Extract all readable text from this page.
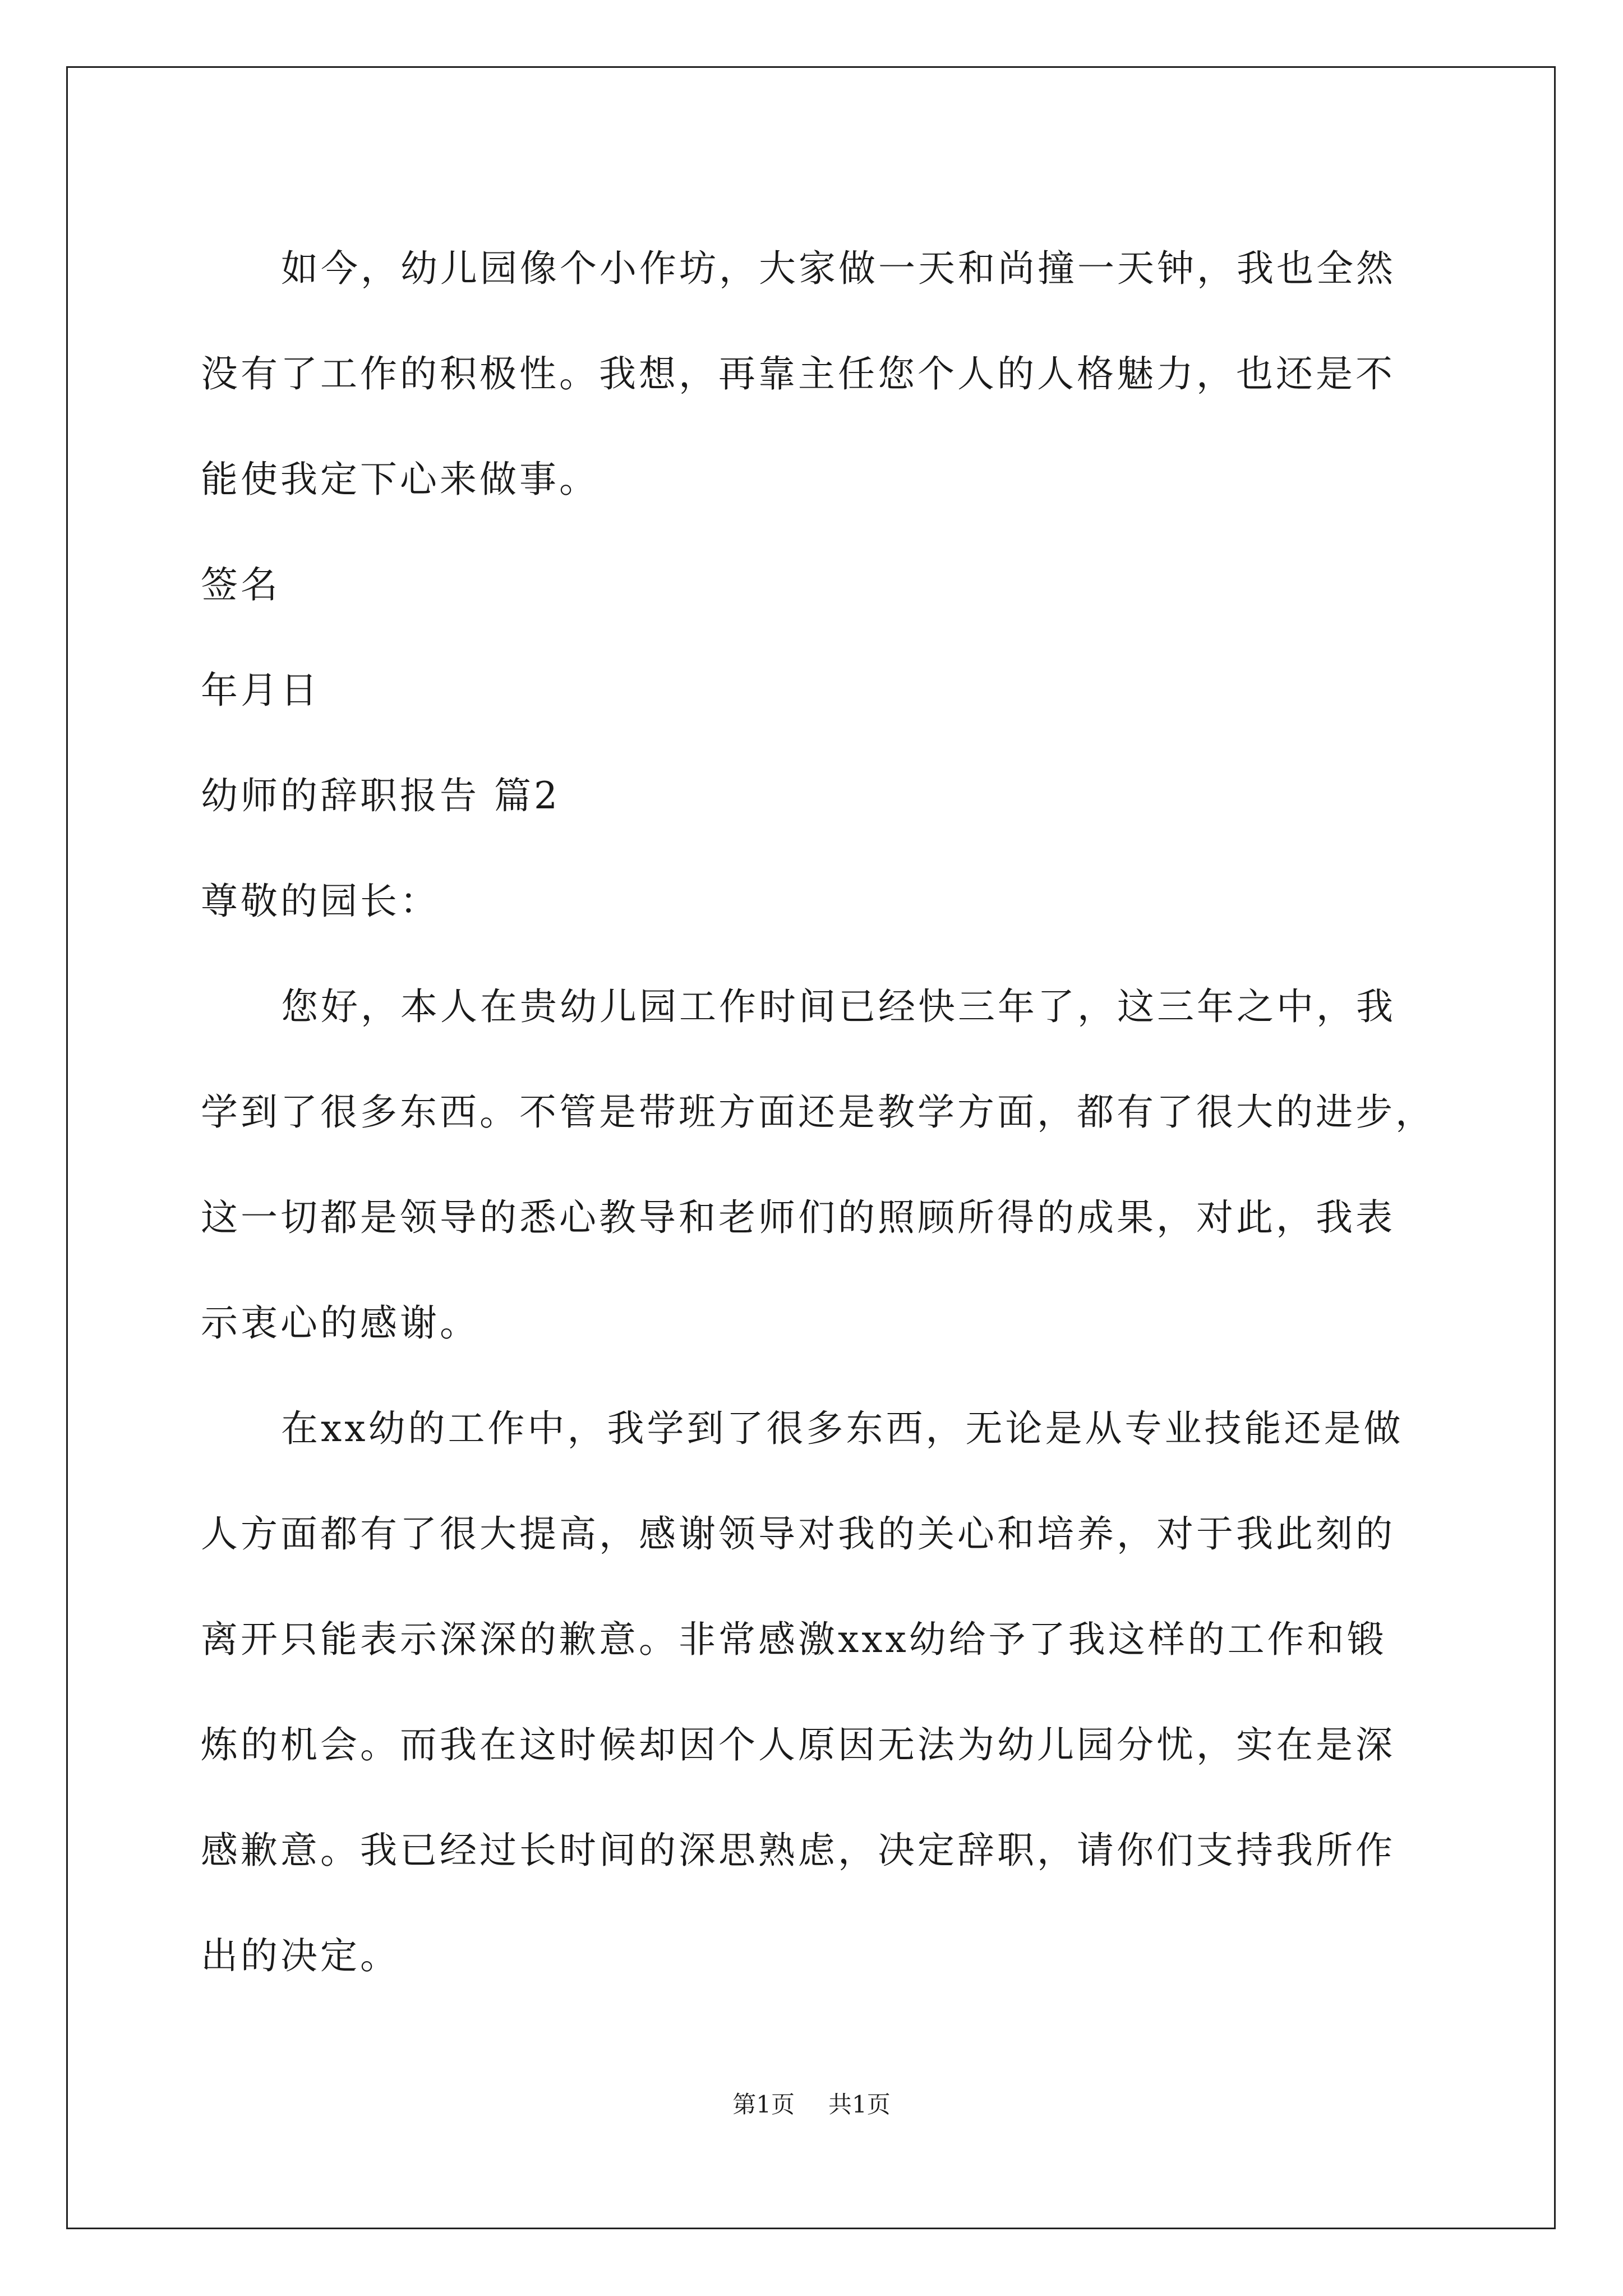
如今，幼儿园像个小作坊，大家做一天和尚撞一天钟，我也全然
没有了工作的积极性。我想，再靠主任您个人的人格魅力，也还是不
能使我定下心来做事。
签名
年月日
幼师的辞职报告 篇2
尊敬的园长：
您好，本人在贵幼儿园工作时间已经快三年了，这三年之中，我
学到了很多东西。不管是带班方面还是教学方面，都有了很大的进步，
这一切都是领导的悉心教导和老师们的照顾所得的成果，对此，我表
示衷心的感谢。
在xx幼的工作中，我学到了很多东西，无论是从专业技能还是做
人方面都有了很大提高，感谢领导对我的关心和培养，对于我此刻的
离开只能表示深深的歉意。非常感激xxx幼给予了我这样的工作和锻
炼的机会。而我在这时候却因个人原因无法为幼儿园分忧，实在是深
感歉意。我已经过长时间的深思熟虑，决定辞职，请你们支持我所作
出的决定。
第1页 共1页
